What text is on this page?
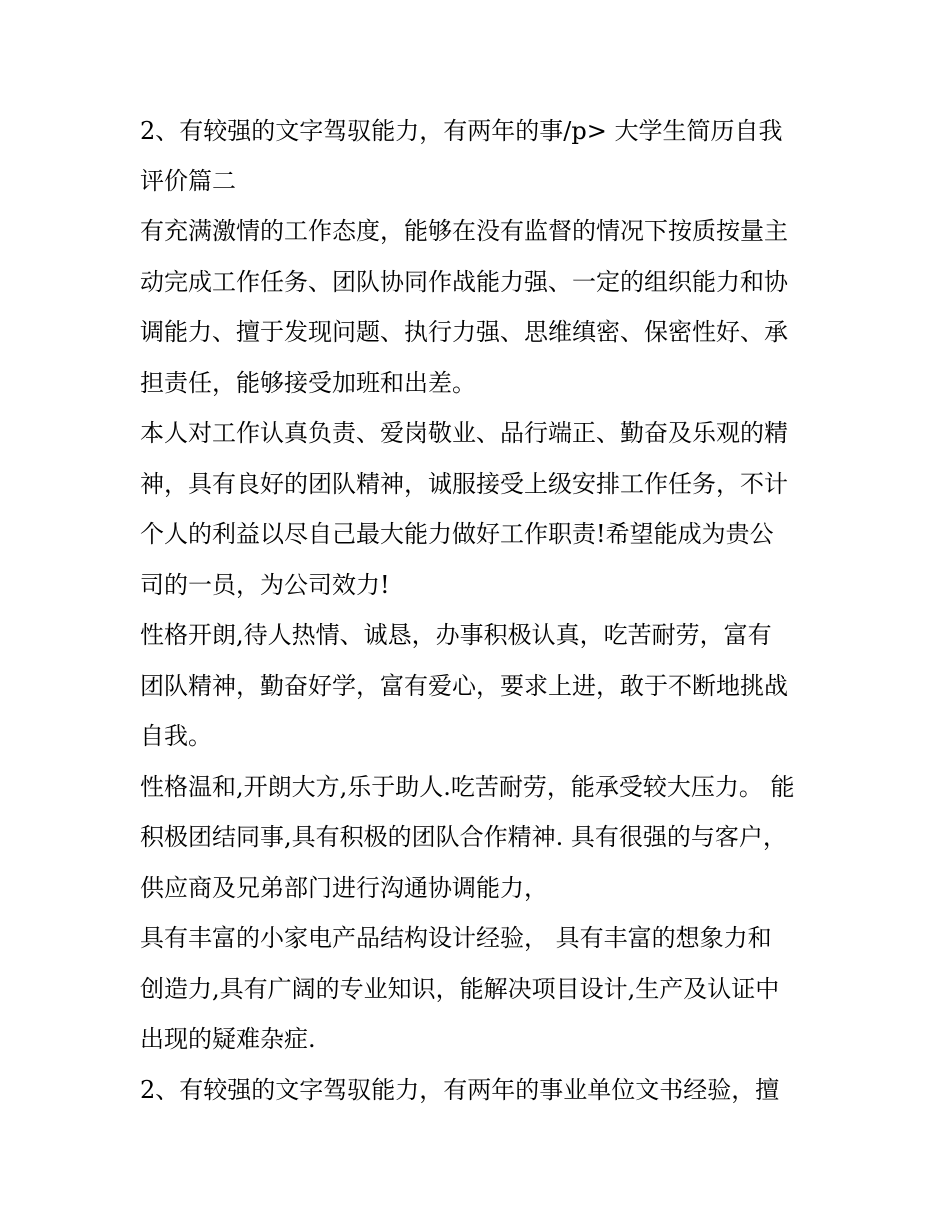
2、有较强的文字驾驭能力，有两年的事/p> 大学生简历自我
评价篇二
有充满激情的工作态度，能够在没有监督的情况下按质按量主
动完成工作任务、团队协同作战能力强、一定的组织能力和协
调能力、擅于发现问题、执行力强、思维缜密、保密性好、承
担责任，能够接受加班和出差。
本人对工作认真负责、爱岗敬业、品行端正、勤奋及乐观的精
神，具有良好的团队精神，诚服接受上级安排工作任务，不计
个人的利益以尽自己最大能力做好工作职责!希望能成为贵公
司的一员，为公司效力!
性格开朗,待人热情、诚恳，办事积极认真，吃苦耐劳，富有
团队精神，勤奋好学，富有爱心，要求上进，敢于不断地挑战
自我。
性格温和,开朗大方,乐于助人.吃苦耐劳，能承受较大压力。 能
积极团结同事,具有积极的团队合作精神. 具有很强的与客户，
供应商及兄弟部门进行沟通协调能力，
具有丰富的小家电产品结构设计经验， 具有丰富的想象力和
创造力,具有广阔的专业知识，能解决项目设计,生产及认证中
出现的疑难杂症.
2、有较强的文字驾驭能力，有两年的事业单位文书经验，擅
